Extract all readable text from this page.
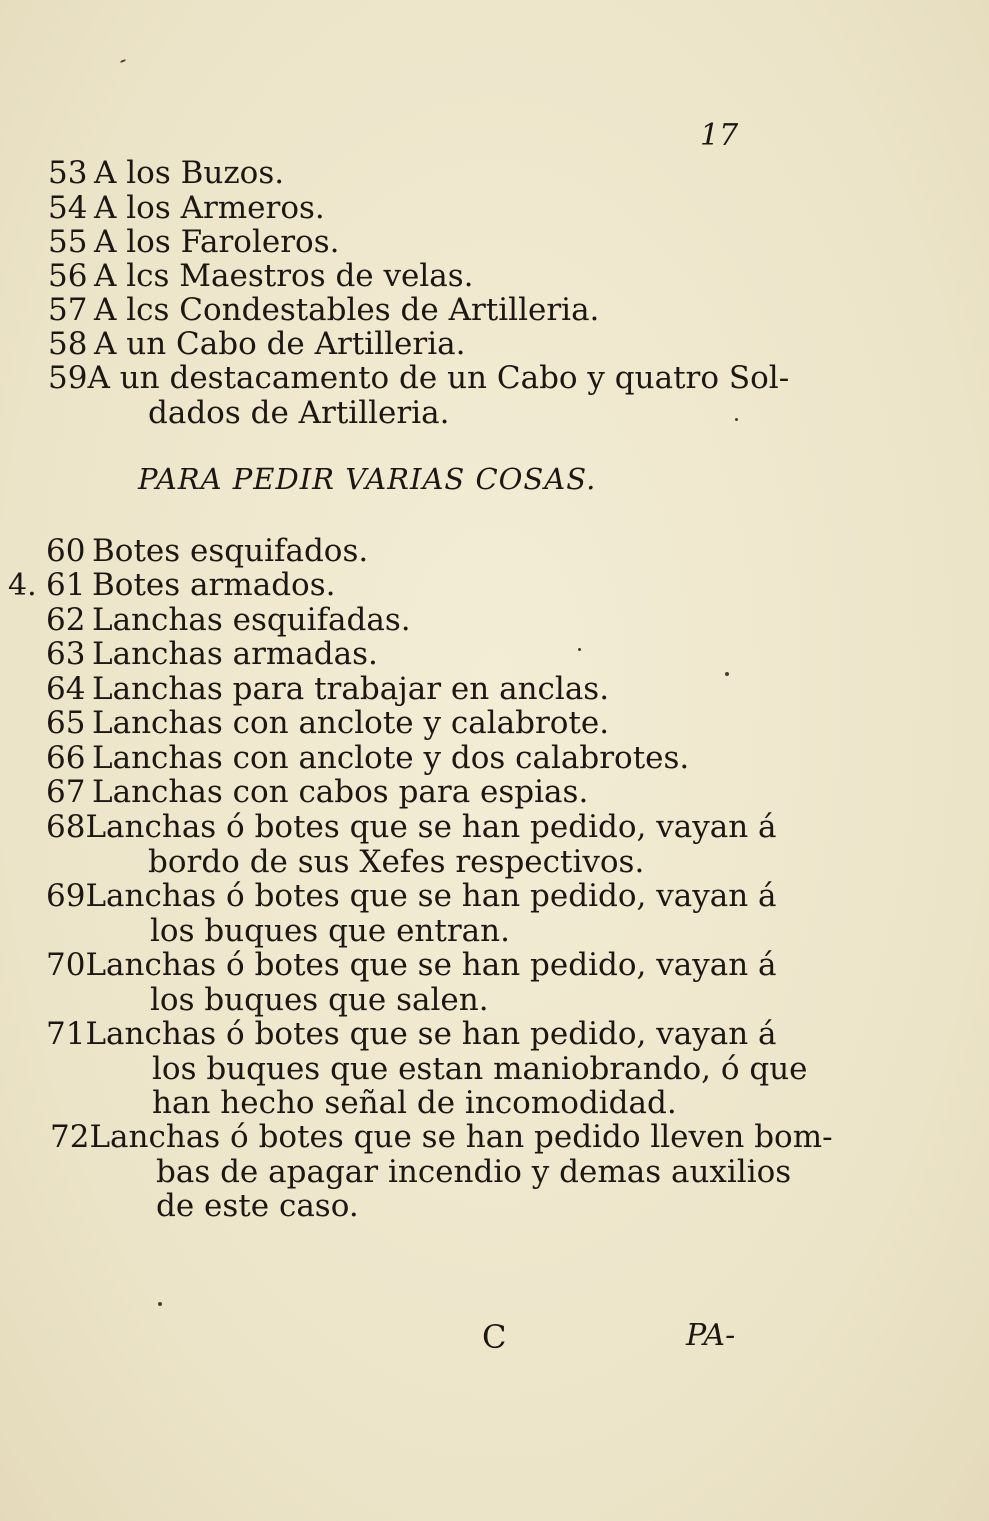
17
53 A los Buzos.
54 A los Armeros.
55 A los Faroleros.
56 A lcs Maestros de velas.
57 A lcs Condestables de Artilleria.
58 A un Cabo de Artilleria.
59 A un destacamento de un Cabo y quatro Sol-
dados de Artilleria.
PARA PEDIR VARIAS COSAS.
4.
60 Botes esquifados.
61 Botes armados.
62 Lanchas esquifadas.
63 Lanchas armadas.
64 Lanchas para trabajar en anclas.
65 Lanchas con anclote y calabrote.
66 Lanchas con anclote y dos calabrotes.
67 Lanchas con cabos para espias.
68 Lanchas ó botes que se han pedido, vayan á
bordo de sus Xefes respectivos.
69 Lanchas ó botes que se han pedido, vayan á
los buques que entran.
70 Lanchas ó botes que se han pedido, vayan á
los buques que salen.
71 Lanchas ó botes que se han pedido, vayan á
los buques que estan maniobrando, ó que
han hecho señal de incomodidad.
72 Lanchas ó botes que se han pedido lleven bom-
bas de apagar incendio y demas auxilios
de este caso.
C	PA-
